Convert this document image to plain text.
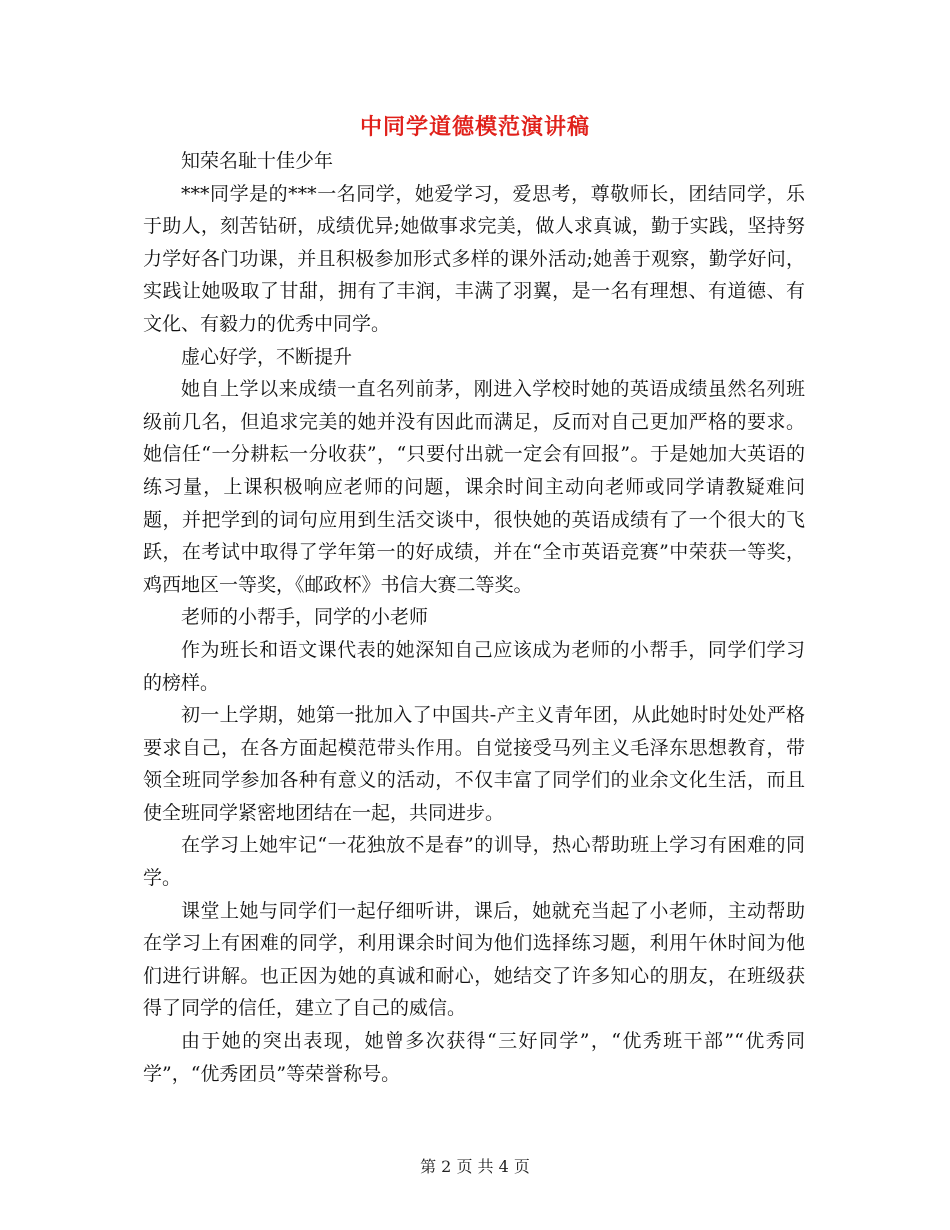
中同学道德模范演讲稿

知荣名耻十佳少年

***同学是的***一名同学，她爱学习，爱思考，尊敬师长，团结同学，乐于助人，刻苦钻研，成绩优异;她做事求完美，做人求真诚，勤于实践，坚持努力学好各门功课，并且积极参加形式多样的课外活动;她善于观察，勤学好问，实践让她吸取了甘甜，拥有了丰润，丰满了羽翼，是一名有理想、有道德、有文化、有毅力的优秀中同学。

虚心好学，不断提升

她自上学以来成绩一直名列前茅，刚进入学校时她的英语成绩虽然名列班级前几名，但追求完美的她并没有因此而满足，反而对自己更加严格的要求。她信任“一分耕耘一分收获”，“只要付出就一定会有回报”。于是她加大英语的练习量，上课积极响应老师的问题，课余时间主动向老师或同学请教疑难问题，并把学到的词句应用到生活交谈中，很快她的英语成绩有了一个很大的飞跃，在考试中取得了学年第一的好成绩，并在“全市英语竞赛”中荣获一等奖，鸡西地区一等奖，《邮政杯》书信大赛二等奖。

老师的小帮手，同学的小老师

作为班长和语文课代表的她深知自己应该成为老师的小帮手，同学们学习的榜样。

初一上学期，她第一批加入了中国共-产主义青年团，从此她时时处处严格要求自己，在各方面起模范带头作用。自觉接受马列主义毛泽东思想教育，带领全班同学参加各种有意义的活动，不仅丰富了同学们的业余文化生活，而且使全班同学紧密地团结在一起，共同进步。

在学习上她牢记“一花独放不是春”的训导，热心帮助班上学习有困难的同学。

课堂上她与同学们一起仔细听讲，课后，她就充当起了小老师，主动帮助在学习上有困难的同学，利用课余时间为他们选择练习题，利用午休时间为他们进行讲解。也正因为她的真诚和耐心，她结交了许多知心的朋友，在班级获得了同学的信任，建立了自己的威信。

由于她的突出表现，她曾多次获得“三好同学”，“优秀班干部”“优秀同学”，“优秀团员”等荣誉称号。

第 2 页 共 4 页
